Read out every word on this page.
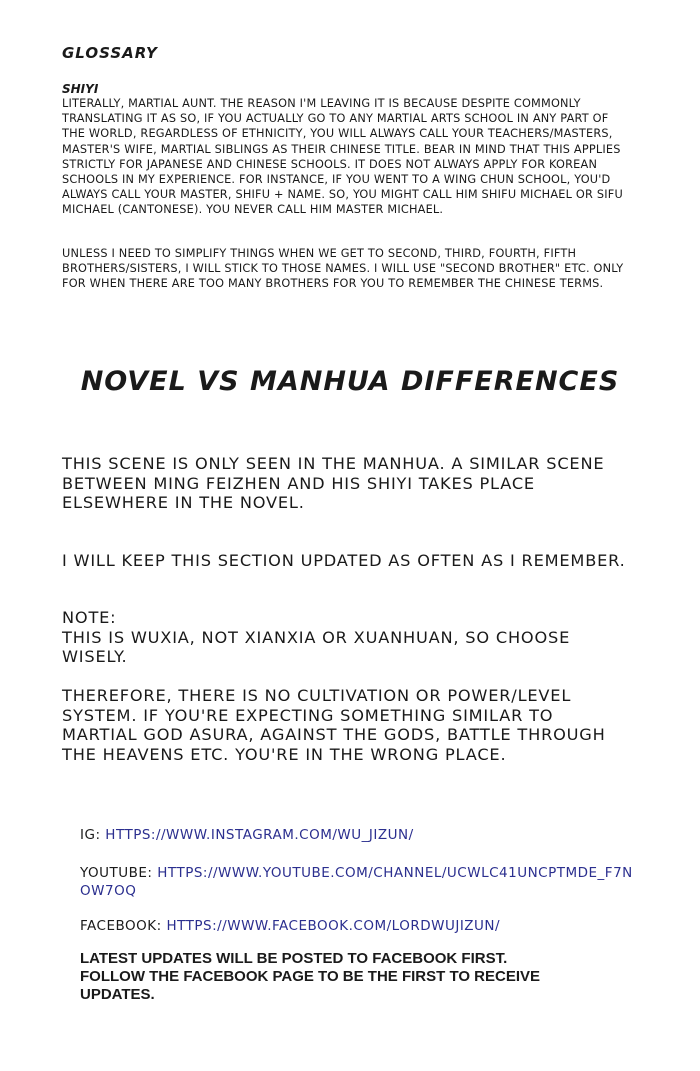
GLOSSARY
SHIYI

LITERALLY, MARTIAL AUNT. THE REASON I'M LEAVING IT IS BECAUSE DESPITE COMMONLY TRANSLATING IT AS SO, IF YOU ACTUALLY GO TO ANY MARTIAL ARTS SCHOOL IN ANY PART OF THE WORLD, REGARDLESS OF ETHNICITY, YOU WILL ALWAYS CALL YOUR TEACHERS/MASTERS, MASTER'S WIFE, MARTIAL SIBLINGS AS THEIR CHINESE TITLE. BEAR IN MIND THAT THIS APPLIES STRICTLY FOR JAPANESE AND CHINESE SCHOOLS. IT DOES NOT ALWAYS APPLY FOR KOREAN SCHOOLS IN MY EXPERIENCE. FOR INSTANCE, IF YOU WENT TO A WING CHUN SCHOOL, YOU'D ALWAYS CALL YOUR MASTER, SHIFU + NAME. SO, YOU MIGHT CALL HIM SHIFU MICHAEL OR SIFU MICHAEL (CANTONESE). YOU NEVER CALL HIM MASTER MICHAEL.

UNLESS I NEED TO SIMPLIFY THINGS WHEN WE GET TO SECOND, THIRD, FOURTH, FIFTH BROTHERS/SISTERS, I WILL STICK TO THOSE NAMES. I WILL USE "SECOND BROTHER" ETC. ONLY FOR WHEN THERE ARE TOO MANY BROTHERS FOR YOU TO REMEMBER THE CHINESE TERMS.

NOVEL VS MANHUA DIFFERENCES

THIS SCENE IS ONLY SEEN IN THE MANHUA. A SIMILAR SCENE BETWEEN MING FEIZHEN AND HIS SHIYI TAKES PLACE ELSEWHERE IN THE NOVEL.

I WILL KEEP THIS SECTION UPDATED AS OFTEN AS I REMEMBER.

NOTE:
THIS IS WUXIA, NOT XIANXIA OR XUANHUAN, SO CHOOSE WISELY.

THEREFORE, THERE IS NO CULTIVATION OR POWER/LEVEL SYSTEM. IF YOU'RE EXPECTING SOMETHING SIMILAR TO MARTIAL GOD ASURA, AGAINST THE GODS, BATTLE THROUGH THE HEAVENS ETC. YOU'RE IN THE WRONG PLACE.

IG: HTTPS://WWW.INSTAGRAM.COM/WU_JIZUN/

YOUTUBE: HTTPS://WWW.YOUTUBE.COM/CHANNEL/UCWLC41UNCPTMDE_F7NOW7OQ

FACEBOOK: HTTPS://WWW.FACEBOOK.COM/LORDWUJIZUN/

LATEST UPDATES WILL BE POSTED TO FACEBOOK FIRST. FOLLOW THE FACEBOOK PAGE TO BE THE FIRST TO RECEIVE UPDATES.
